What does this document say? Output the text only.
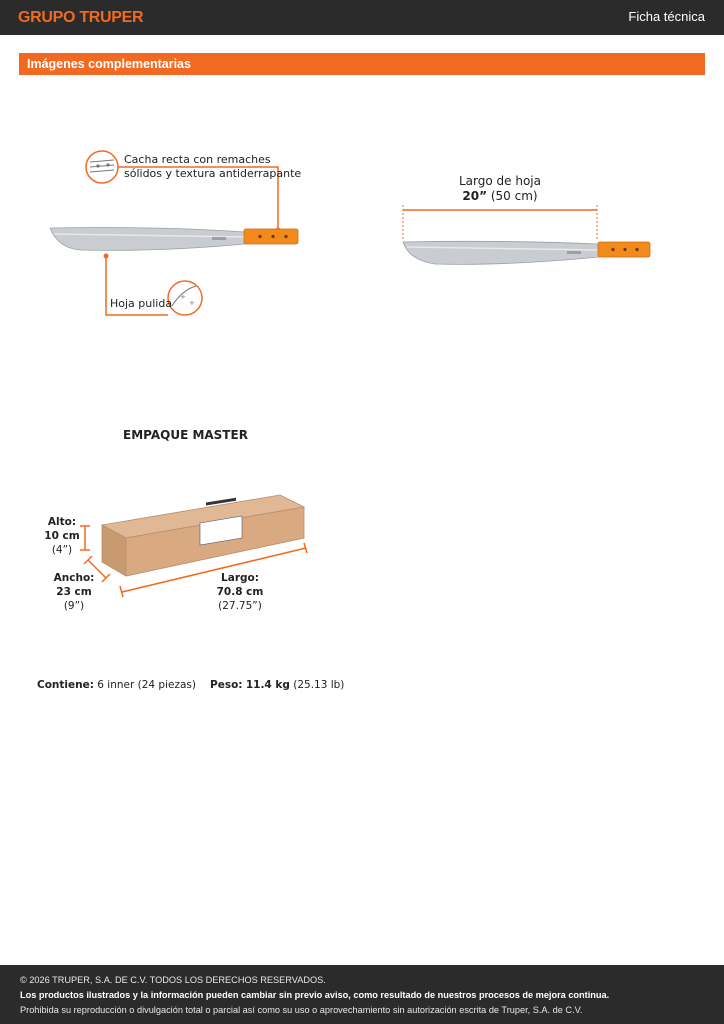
GRUPO TRUPER	Ficha técnica
Imágenes complementarias
+
+
Cacha recta con remaches
sólidos y textura antiderrapante
Hoja pulida
Largo de hoja
20” (50 cm)
EMPAQUE MASTER
Alto:
10 cm
(4”)
Ancho:
23 cm
(9”)
Largo:
70.8 cm
(27.75”)
Contiene: 6 inner (24 piezas) Peso: 11.4 kg (25.13 lb)
© 2026 TRUPER, S.A. DE C.V. TODOS LOS DERECHOS RESERVADOS.
Los productos ilustrados y la información pueden cambiar sin previo aviso, como resultado de nuestros procesos de mejora continua.
Prohibida su reproducción o divulgación total o parcial así como su uso o aprovechamiento sin autorización escrita de Truper, S.A. de C.V.
